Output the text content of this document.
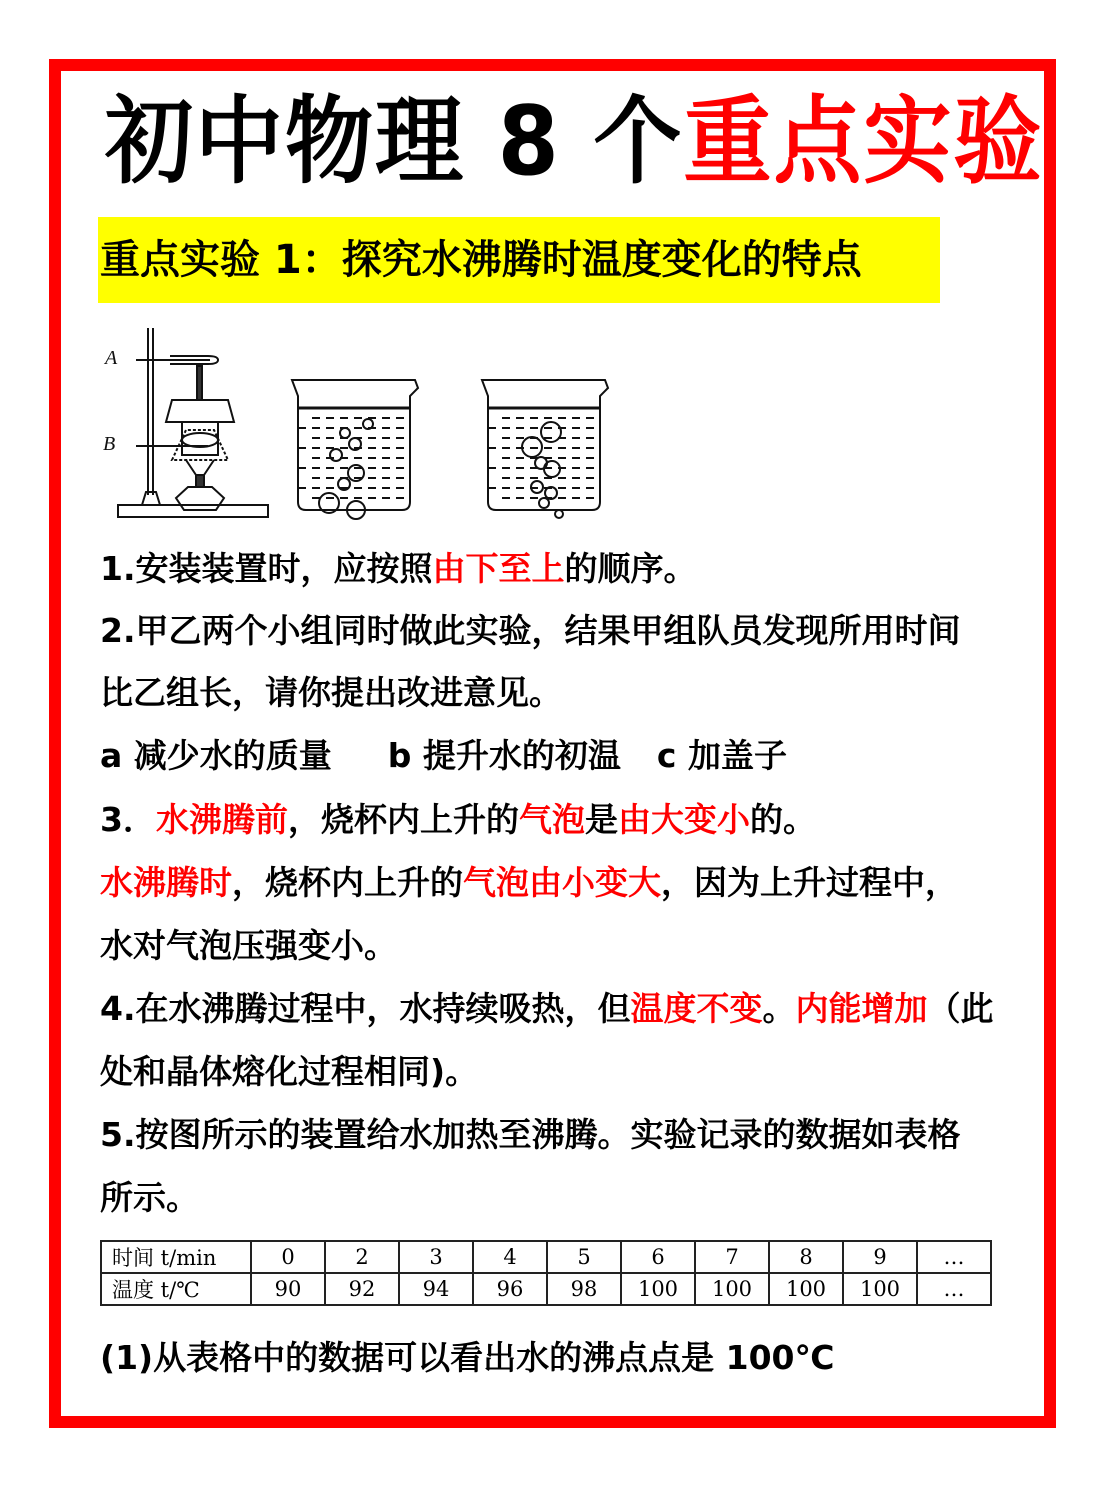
初中物理 8 个重点实验
重点实验 1：探究水沸腾时温度变化的特点
A
B
1.安装装置时，应按照由下至上的顺序。
2.甲乙两个小组同时做此实验，结果甲组队员发现所用时间
比乙组长，请你提出改进意见。
a 减少水的质量 b 提升水的初温 c 加盖子
3．水沸腾前，烧杯内上升的气泡是由大变小的。
水沸腾时，烧杯内上升的气泡由小变大，因为上升过程中，
水对气泡压强变小。
4.在水沸腾过程中，水持续吸热，但温度不变。内能增加（此
处和晶体熔化过程相同)。
5.按图所示的装置给水加热至沸腾。实验记录的数据如表格
所示。
时间 t/min	0	2	3	4	5	6	7	8	9	…
温度 t/℃	90	92	94	96	98	100	100	100	100	…
(1)从表格中的数据可以看出水的沸点点是 100℃
